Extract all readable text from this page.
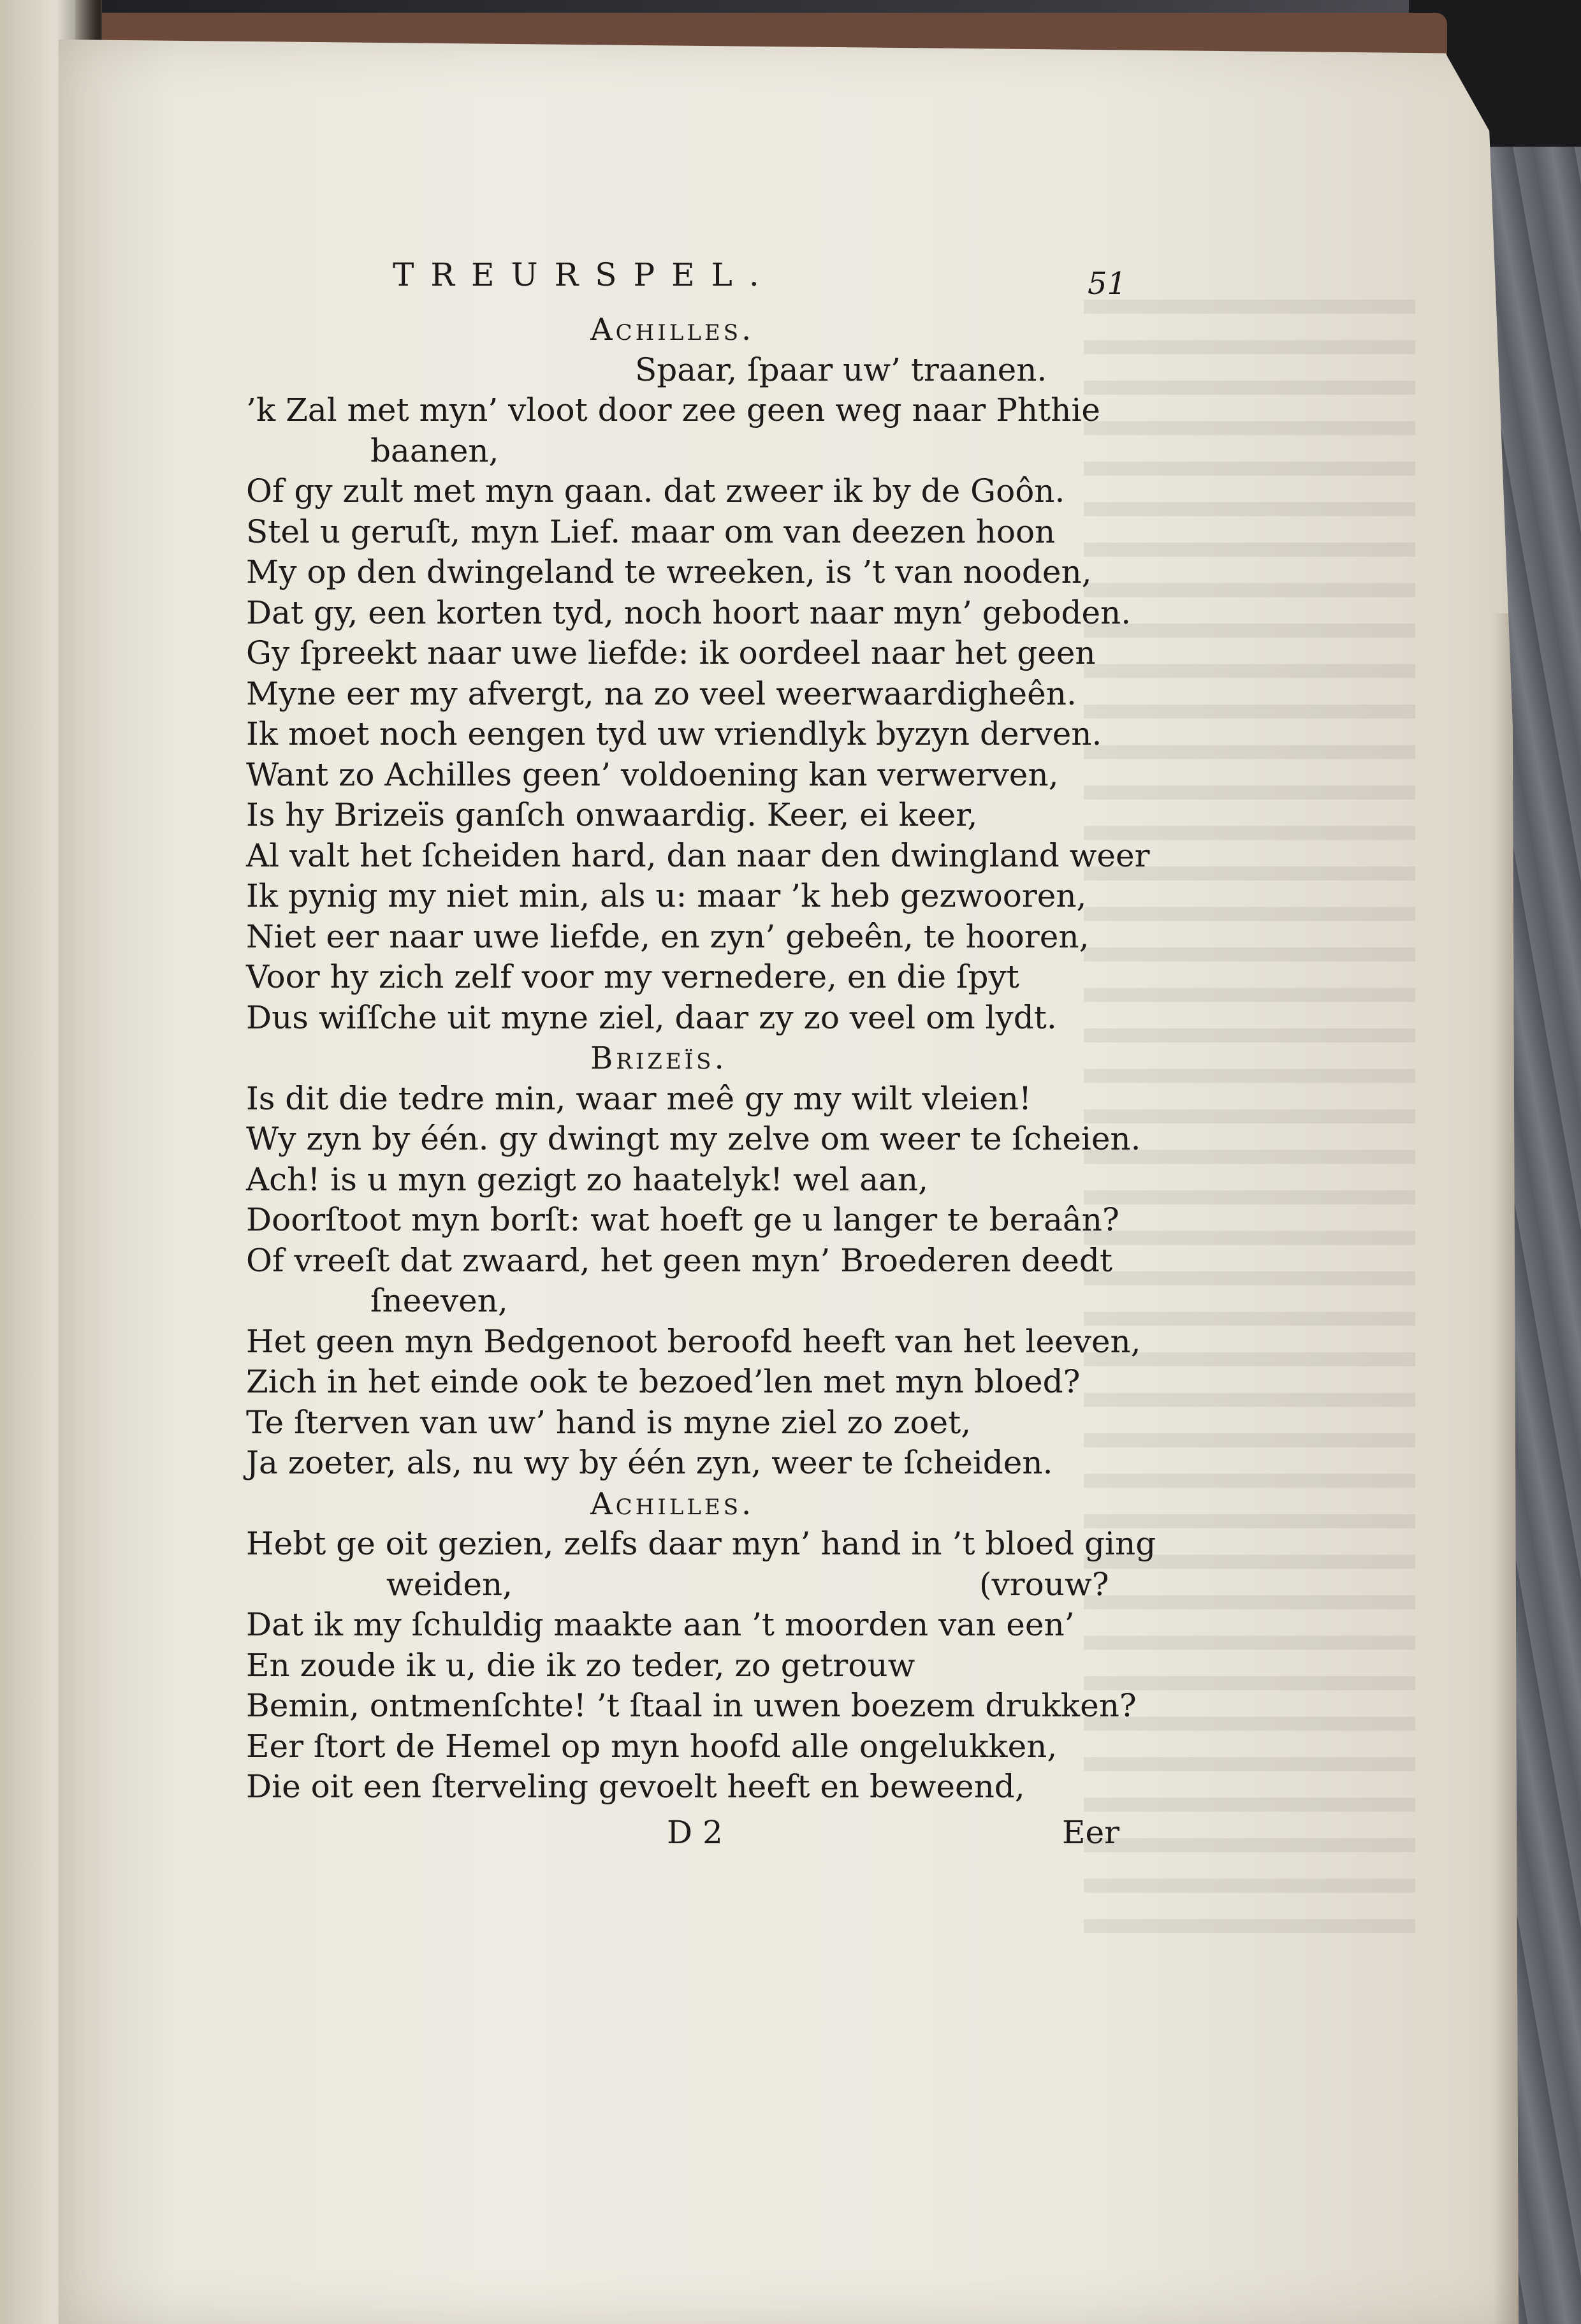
TREURSPEL.	51
Achilles.
Spaar, ſpaar uw’ traanen.
’k Zal met myn’ vloot door zee geen weg naar Phthie
baanen,
Of gy zult met myn gaan. dat zweer ik by de Goôn.
Stel u geruſt, myn Lief. maar om van deezen hoon
My op den dwingeland te wreeken, is ’t van nooden,
Dat gy, een korten tyd, noch hoort naar myn’ geboden.
Gy ſpreekt naar uwe liefde: ik oordeel naar het geen
Myne eer my afvergt, na zo veel weerwaardigheên.
Ik moet noch eengen tyd uw vriendlyk byzyn derven.
Want zo Achilles geen’ voldoening kan verwerven,
Is hy Brizeïs ganſch onwaardig. Keer, ei keer,
Al valt het ſcheiden hard, dan naar den dwingland weer
Ik pynig my niet min, als u: maar ’k heb gezwooren,
Niet eer naar uwe liefde, en zyn’ gebeên, te hooren,
Voor hy zich zelf voor my vernedere, en die ſpyt
Dus wiſſche uit myne ziel, daar zy zo veel om lydt.
Brizeïs.
Is dit die tedre min, waar meê gy my wilt vleien!
Wy zyn by één. gy dwingt my zelve om weer te ſcheien.
Ach! is u myn gezigt zo haatelyk! wel aan,
Doorſtoot myn borſt: wat hoeft ge u langer te beraân?
Of vreeſt dat zwaard, het geen myn’ Broederen deedt
ſneeven,
Het geen myn Bedgenoot beroofd heeft van het leeven,
Zich in het einde ook te bezoed’len met myn bloed?
Te ſterven van uw’ hand is myne ziel zo zoet,
Ja zoeter, als, nu wy by één zyn, weer te ſcheiden.
Achilles.
Hebt ge oit gezien, zelfs daar myn’ hand in ’t bloed ging
weiden,	(vrouw?
Dat ik my ſchuldig maakte aan ’t moorden van een’
En zoude ik u, die ik zo teder, zo getrouw
Bemin, ontmenſchte! ’t ſtaal in uwen boezem drukken?
Eer ſtort de Hemel op myn hoofd alle ongelukken,
Die oit een ſterveling gevoelt heeft en beweend,
D 2	Eer
